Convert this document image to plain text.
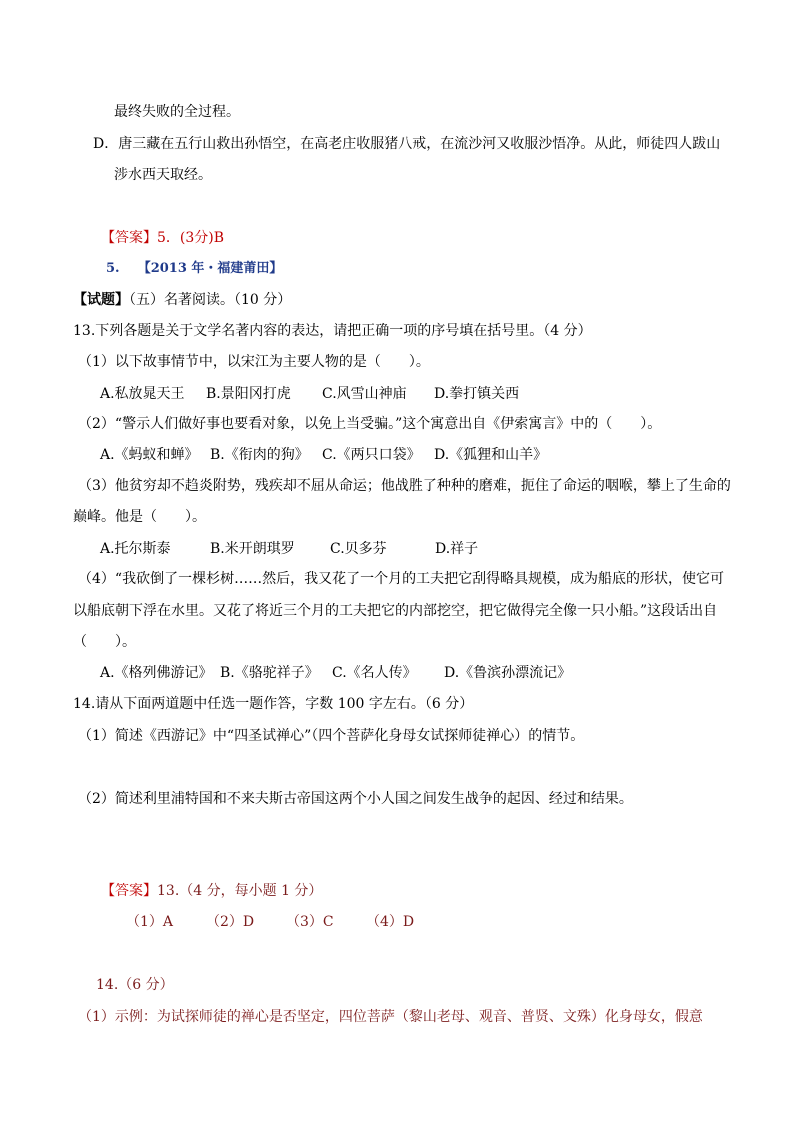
最终失败的全过程。
D．唐三藏在五行山救出孙悟空，在高老庄收服猪八戒，在流沙河又收服沙悟净。从此，师徒四人跋山
涉水西天取经。
【答案】5．(3分)B
5. 【2013 年・福建莆田】
【试题】（五）名著阅读。（10 分）
13.下列各题是关于文学名著内容的表达，请把正确一项的序号填在括号里。（4 分）
（1）以下故事情节中，以宋江为主要人物的是（　　）。
A.私放晁天王 B.景阳冈打虎 C.风雪山神庙 D.拳打镇关西
（2）“警示人们做好事也要看对象，以免上当受骗。”这个寓意出自《伊索寓言》中的（　　）。
A.《蚂蚁和蝉》 B.《衔肉的狗》 C.《两只口袋》 D.《狐狸和山羊》
（3）他贫穷却不趋炎附势，残疾却不屈从命运；他战胜了种种的磨难，扼住了命运的咽喉，攀上了生命的
巅峰。他是（　　）。
A.托尔斯泰	B.米开朗琪罗	C.贝多芬	D.祥子
（4）“我砍倒了一棵杉树……然后，我又花了一个月的工夫把它刮得略具规模，成为船底的形状，使它可
以船底朝下浮在水里。又花了将近三个月的工夫把它的内部挖空，把它做得完全像一只小船。”这段话出自
（　　）。
A.《格列佛游记》 B.《骆驼祥子》 C.《名人传》 D.《鲁滨孙漂流记》
14.请从下面两道题中任选一题作答，字数 100 字左右。（6 分）
（1）简述《西游记》中“四圣试禅心”（四个菩萨化身母女试探师徒禅心）的情节。
（2）简述利里浦特国和不来夫斯古帝国这两个小人国之间发生战争的起因、经过和结果。
【答案】13.（4 分，每小题 1 分）
（1）A （2）D （3）C （4）D
14.（6 分）
（1）示例：为试探师徒的禅心是否坚定，四位菩萨（黎山老母、观音、普贤、文殊）化身母女，假意
